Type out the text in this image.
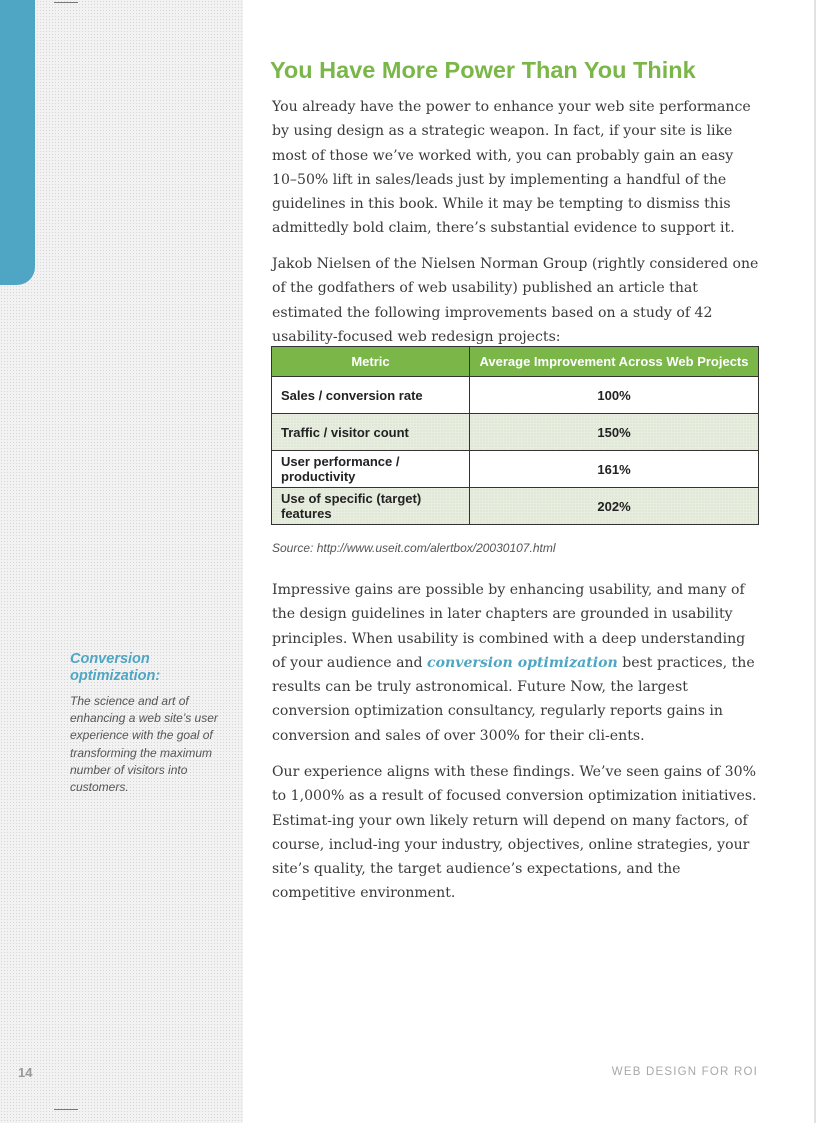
You Have More Power Than You Think

You already have the power to enhance your web site performance by using design as a strategic weapon. In fact, if your site is like most of those we’ve worked with, you can probably gain an easy 10–50% lift in sales/leads just by implementing a handful of the guidelines in this book. While it may be tempting to dismiss this admittedly bold claim, there’s substantial evidence to support it.

Jakob Nielsen of the Nielsen Norman Group (rightly considered one of the godfathers of web usability) published an article that estimated the following improvements based on a study of 42 usability-focused web redesign projects:

Metric	Average Improvement Across Web Projects
Sales / conversion rate	100%
Traffic / visitor count	150%
User performance / productivity	161%
Use of specific (target) features	202%

Source: http://www.useit.com/alertbox/20030107.html

Impressive gains are possible by enhancing usability, and many of the design guidelines in later chapters are grounded in usability principles. When usability is combined with a deep understanding of your audience and conversion optimization best practices, the results can be truly astronomical. Future Now, the largest conversion optimization consultancy, regularly reports gains in conversion and sales of over 300% for their cli-ents.

Our experience aligns with these findings. We’ve seen gains of 30% to 1,000% as a result of focused conversion optimization initiatives. Estimat-ing your own likely return will depend on many factors, of course, includ-ing your industry, objectives, online strategies, your site’s quality, the target audience’s expectations, and the competitive environment.

Conversion optimization:

The science and art of enhancing a web site’s user experience with the goal of transforming the maximum number of visitors into customers.

14	WEB DESIGN FOR ROI
